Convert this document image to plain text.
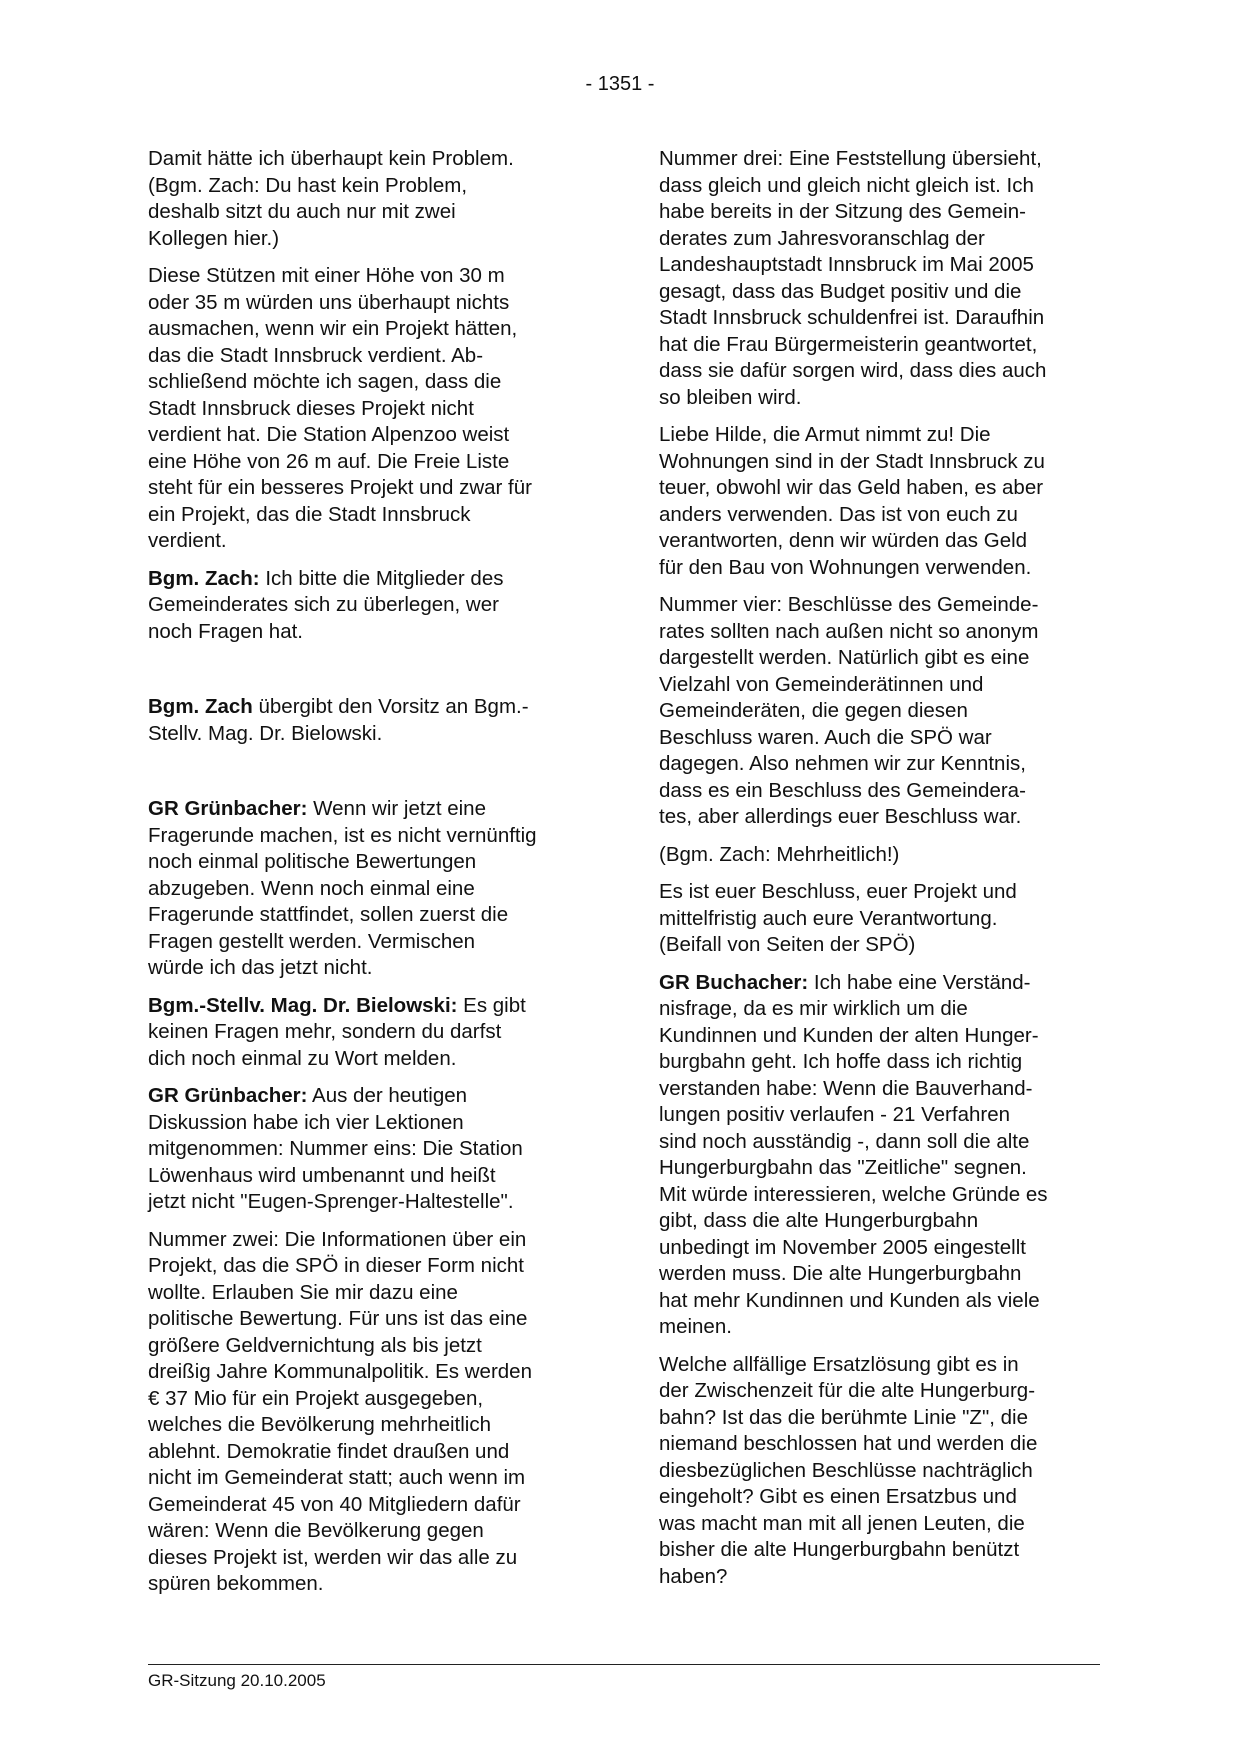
- 1351 -

Damit hätte ich überhaupt kein Problem.
(Bgm. Zach: Du hast kein Problem,
deshalb sitzt du auch nur mit zwei
Kollegen hier.)

Diese Stützen mit einer Höhe von 30 m
oder 35 m würden uns überhaupt nichts
ausmachen, wenn wir ein Projekt hätten,
das die Stadt Innsbruck verdient. Ab-
schließend möchte ich sagen, dass die
Stadt Innsbruck dieses Projekt nicht
verdient hat. Die Station Alpenzoo weist
eine Höhe von 26 m auf. Die Freie Liste
steht für ein besseres Projekt und zwar für
ein Projekt, das die Stadt Innsbruck
verdient.

Bgm. Zach: Ich bitte die Mitglieder des
Gemeinderates sich zu überlegen, wer
noch Fragen hat.

Bgm. Zach übergibt den Vorsitz an Bgm.-
Stellv. Mag. Dr. Bielowski.

GR Grünbacher: Wenn wir jetzt eine
Fragerunde machen, ist es nicht vernünftig
noch einmal politische Bewertungen
abzugeben. Wenn noch einmal eine
Fragerunde stattfindet, sollen zuerst die
Fragen gestellt werden. Vermischen
würde ich das jetzt nicht.

Bgm.-Stellv. Mag. Dr. Bielowski: Es gibt
keinen Fragen mehr, sondern du darfst
dich noch einmal zu Wort melden.

GR Grünbacher: Aus der heutigen
Diskussion habe ich vier Lektionen
mitgenommen: Nummer eins: Die Station
Löwenhaus wird umbenannt und heißt
jetzt nicht "Eugen-Sprenger-Haltestelle".

Nummer zwei: Die Informationen über ein
Projekt, das die SPÖ in dieser Form nicht
wollte. Erlauben Sie mir dazu eine
politische Bewertung. Für uns ist das eine
größere Geldvernichtung als bis jetzt
dreißig Jahre Kommunalpolitik. Es werden
€ 37 Mio für ein Projekt ausgegeben,
welches die Bevölkerung mehrheitlich
ablehnt. Demokratie findet draußen und
nicht im Gemeinderat statt; auch wenn im
Gemeinderat 45 von 40 Mitgliedern dafür
wären: Wenn die Bevölkerung gegen
dieses Projekt ist, werden wir das alle zu
spüren bekommen.

Nummer drei: Eine Feststellung übersieht,
dass gleich und gleich nicht gleich ist. Ich
habe bereits in der Sitzung des Gemein-
derates zum Jahresvoranschlag der
Landeshauptstadt Innsbruck im Mai 2005
gesagt, dass das Budget positiv und die
Stadt Innsbruck schuldenfrei ist. Daraufhin
hat die Frau Bürgermeisterin geantwortet,
dass sie dafür sorgen wird, dass dies auch
so bleiben wird.

Liebe Hilde, die Armut nimmt zu! Die
Wohnungen sind in der Stadt Innsbruck zu
teuer, obwohl wir das Geld haben, es aber
anders verwenden. Das ist von euch zu
verantworten, denn wir würden das Geld
für den Bau von Wohnungen verwenden.

Nummer vier: Beschlüsse des Gemeinde-
rates sollten nach außen nicht so anonym
dargestellt werden. Natürlich gibt es eine
Vielzahl von Gemeinderätinnen und
Gemeinderäten, die gegen diesen
Beschluss waren. Auch die SPÖ war
dagegen. Also nehmen wir zur Kenntnis,
dass es ein Beschluss des Gemeindera-
tes, aber allerdings euer Beschluss war.

(Bgm. Zach: Mehrheitlich!)

Es ist euer Beschluss, euer Projekt und
mittelfristig auch eure Verantwortung.
(Beifall von Seiten der SPÖ)

GR Buchacher: Ich habe eine Verständ-
nisfrage, da es mir wirklich um die
Kundinnen und Kunden der alten Hunger-
burgbahn geht. Ich hoffe dass ich richtig
verstanden habe: Wenn die Bauverhand-
lungen positiv verlaufen - 21 Verfahren
sind noch ausständig -, dann soll die alte
Hungerburgbahn das "Zeitliche" segnen.
Mit würde interessieren, welche Gründe es
gibt, dass die alte Hungerburgbahn
unbedingt im November 2005 eingestellt
werden muss. Die alte Hungerburgbahn
hat mehr Kundinnen und Kunden als viele
meinen.

Welche allfällige Ersatzlösung gibt es in
der Zwischenzeit für die alte Hungerburg-
bahn? Ist das die berühmte Linie "Z", die
niemand beschlossen hat und werden die
diesbezüglichen Beschlüsse nachträglich
eingeholt? Gibt es einen Ersatzbus und
was macht man mit all jenen Leuten, die
bisher die alte Hungerburgbahn benützt
haben?

GR-Sitzung 20.10.2005
